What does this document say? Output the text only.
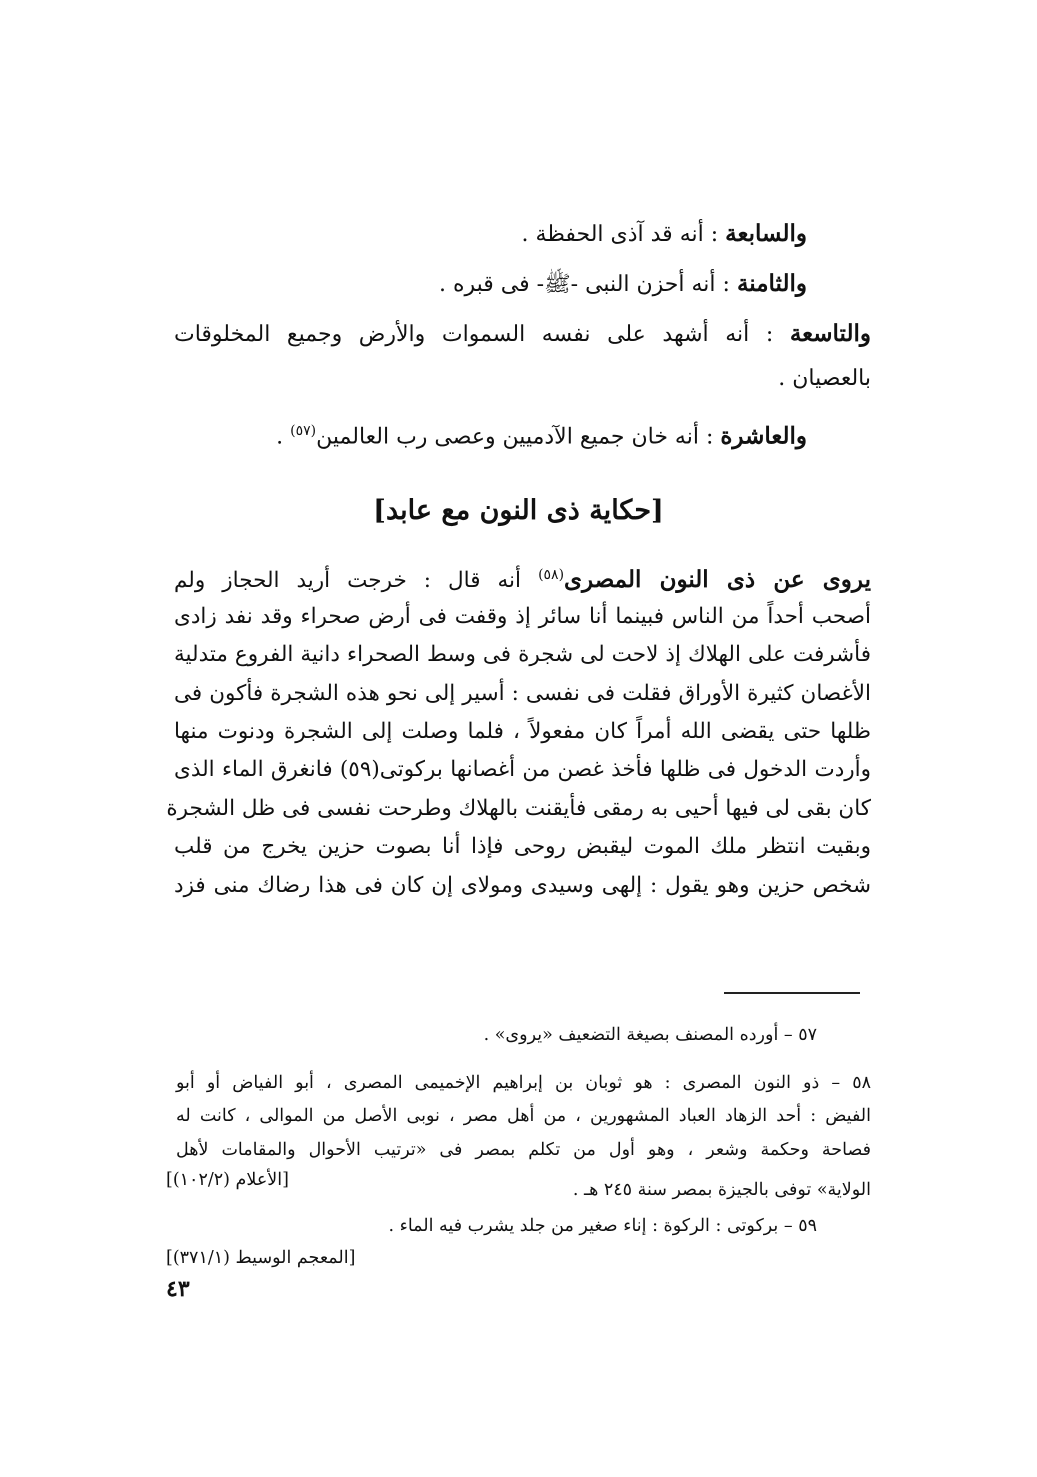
والسابعة : أنه قد آذى الحفظة .
والثامنة : أنه أحزن النبى -ﷺ- فى قبره .
والتاسعة : أنه أشهد على نفسه السموات والأرض وجميع المخلوقات
بالعصيان .
والعاشرة : أنه خان جميع الآدميين وعصى رب العالمين$^{(٥٧)}$ .
[حكاية ذى النون مع عابد]
يروى عن ذى النون المصرى$^{(٥٨)}$ أنه قال : خرجت أريد الحجاز ولم
أصحب أحداً من الناس فبينما أنا سائر إذ وقفت فى أرض صحراء وقد نفد زادى
فأشرفت على الهلاك إذ لاحت لى شجرة فى وسط الصحراء دانية الفروع متدلية
الأغصان كثيرة الأوراق فقلت فى نفسى : أسير إلى نحو هذه الشجرة فأكون فى
ظلها حتى يقضى الله أمراً كان مفعولاً ، فلما وصلت إلى الشجرة ودنوت منها
وأردت الدخول فى ظلها فأخذ غصن من أغصانها بركوتى(٥٩) فانغرق الماء الذى
كان بقى لى فيها أحيى به رمقى فأيقنت بالهلاك وطرحت نفسى فى ظل الشجرة
وبقيت انتظر ملك الموت ليقبض روحى فإذا أنا بصوت حزين يخرج من قلب
شخص حزين وهو يقول : إلهى وسيدى ومولاى إن كان فى هذا رضاك منى فزد
٥٧ – أورده المصنف بصيغة التضعيف «يروى» .
٥٨ – ذو النون المصرى : هو ثوبان بن إبراهيم الإخميمى المصرى ، أبو الفياض أو أبو
الفيض : أحد الزهاد العباد المشهورين ، من أهل مصر ، نوبى الأصل من الموالى ، كانت له
فصاحة وحكمة وشعر ، وهو أول من تكلم بمصر فى «ترتيب الأحوال والمقامات لأهل
الولاية» توفى بالجيزة بمصر سنة ٢٤٥ هـ .
[الأعلام (١٠٢/٢)]
٥٩ – بركوتى : الركوة : إناء صغير من جلد يشرب فيه الماء .
[المعجم الوسيط (٣٧١/١)]
٤٣
